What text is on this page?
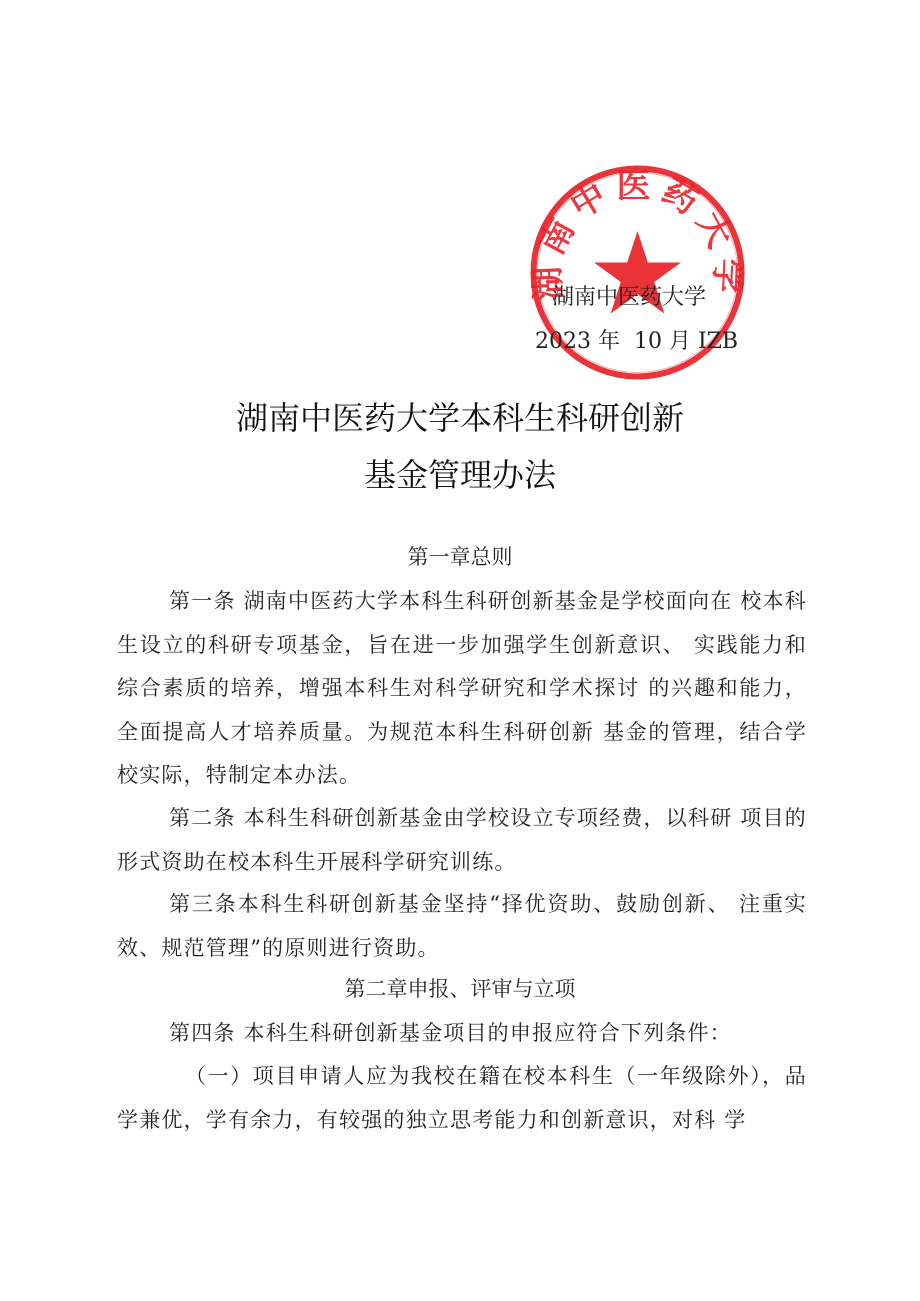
湖南中医药大学
湖南中医药大学
2023 年  10 月 IZB
湖南中医药大学本科生科研创新
基金管理办法
第一章总则

第一条 湖南中医药大学本科生科研创新基金是学校面向在 校本科生设立的科研专项基金，旨在进一步加强学生创新意识、 实践能力和综合素质的培养，增强本科生对科学研究和学术探讨 的兴趣和能力，全面提高人才培养质量。为规范本科生科研创新 基金的管理，结合学校实际，特制定本办法。

第二条 本科生科研创新基金由学校设立专项经费，以科研 项目的形式资助在校本科生开展科学研究训练。

第三条本科生科研创新基金坚持“择优资助、鼓励创新、 注重实效、规范管理”的原则进行资助。

第二章申报、评审与立项

第四条 本科生科研创新基金项目的申报应符合下列条件：

（一）项目申请人应为我校在籍在校本科生（一年级除外），品学兼优，学有余力，有较强的独立思考能力和创新意识，对科 学
